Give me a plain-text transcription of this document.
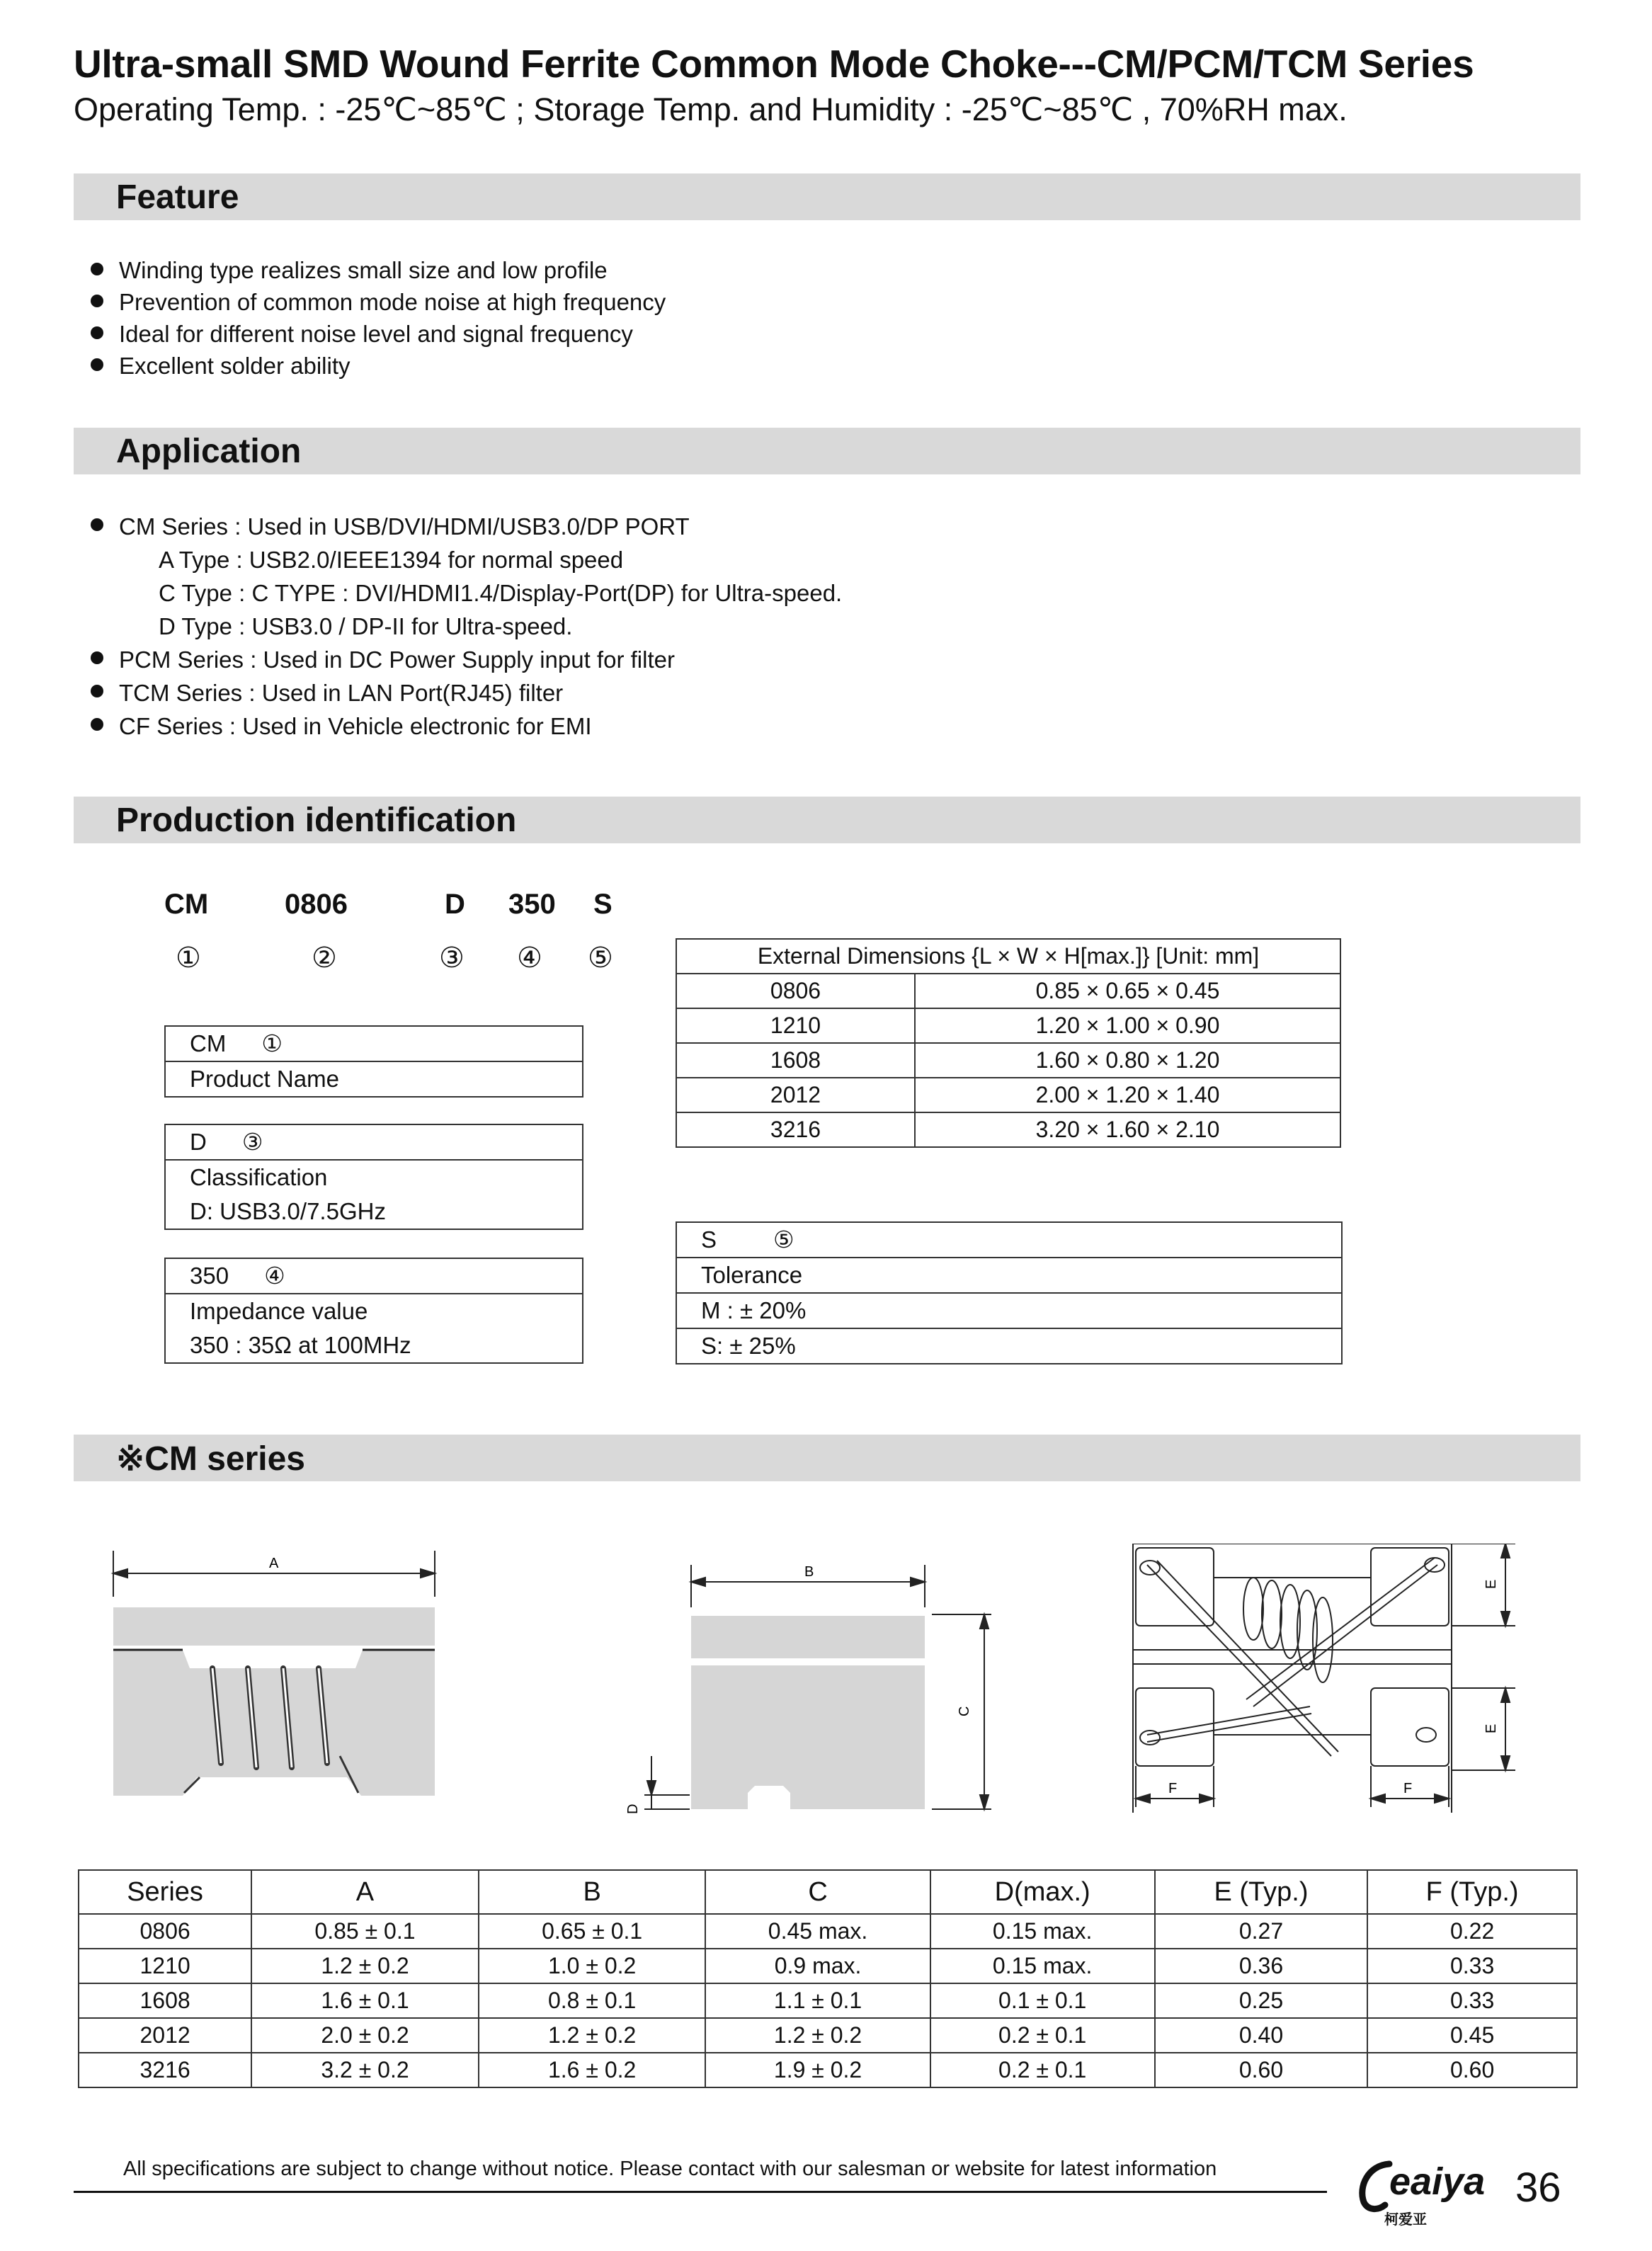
Ultra-small SMD Wound Ferrite Common Mode Choke---CM/PCM/TCM Series
Operating Temp. : -25℃~85℃ ; Storage Temp. and Humidity : -25℃~85℃ , 70%RH max.
Feature
Winding type realizes small size and low profile
Prevention of common mode noise at high frequency
Ideal for different noise level and signal frequency
Excellent solder ability
Application
CM Series : Used in USB/DVI/HDMI/USB3.0/DP PORT
A Type : USB2.0/IEEE1394 for normal speed
C Type : C TYPE : DVI/HDMI1.4/Display-Port(DP) for Ultra-speed.
D Type : USB3.0 / DP-II for Ultra-speed.
PCM Series : Used in DC Power Supply input for filter
TCM Series : Used in LAN Port(RJ45) filter
CF Series : Used in Vehicle electronic for EMI
Production identification
CM	0806	D 350 S
①	②	③ ④ ⑤
CM ①
Product Name
D ③
Classification
D: USB3.0/7.5GHz
350 ④
Impedance value
350 : 35Ω at 100MHz
External Dimensions {L × W × H[max.]} [Unit: mm]	
0806	0.85 × 0.65 × 0.45
1210	1.20 × 1.00 × 0.90
1608	1.60 × 0.80 × 1.20
2012	2.00 × 1.20 × 1.40
3216	3.20 × 1.60 × 2.10
S ⑤
Tolerance
M : ± 20%
S: ± 25%
※CM series
A
B
C
D
E
E
F	F
Series	A	B	C	D(max.)	E (Typ.)	F (Typ.)
0806	0.85 ± 0.1	0.65 ± 0.1	0.45 max.	0.15 max.	0.27	0.22
1210	1.2 ± 0.2	1.0 ± 0.2	0.9 max.	0.15 max.	0.36	0.33
1608	1.6 ± 0.1	0.8 ± 0.1	1.1 ± 0.1	0.1 ± 0.1	0.25	0.33
2012	2.0 ± 0.2	1.2 ± 0.2	1.2 ± 0.2	0.2 ± 0.1	0.40	0.45
3216	3.2 ± 0.2	1.6 ± 0.2	1.9 ± 0.2	0.2 ± 0.1	0.60	0.60
All specifications are subject to change without notice. Please contact with our salesman or website for latest information	eaiya
柯爱亚
36
